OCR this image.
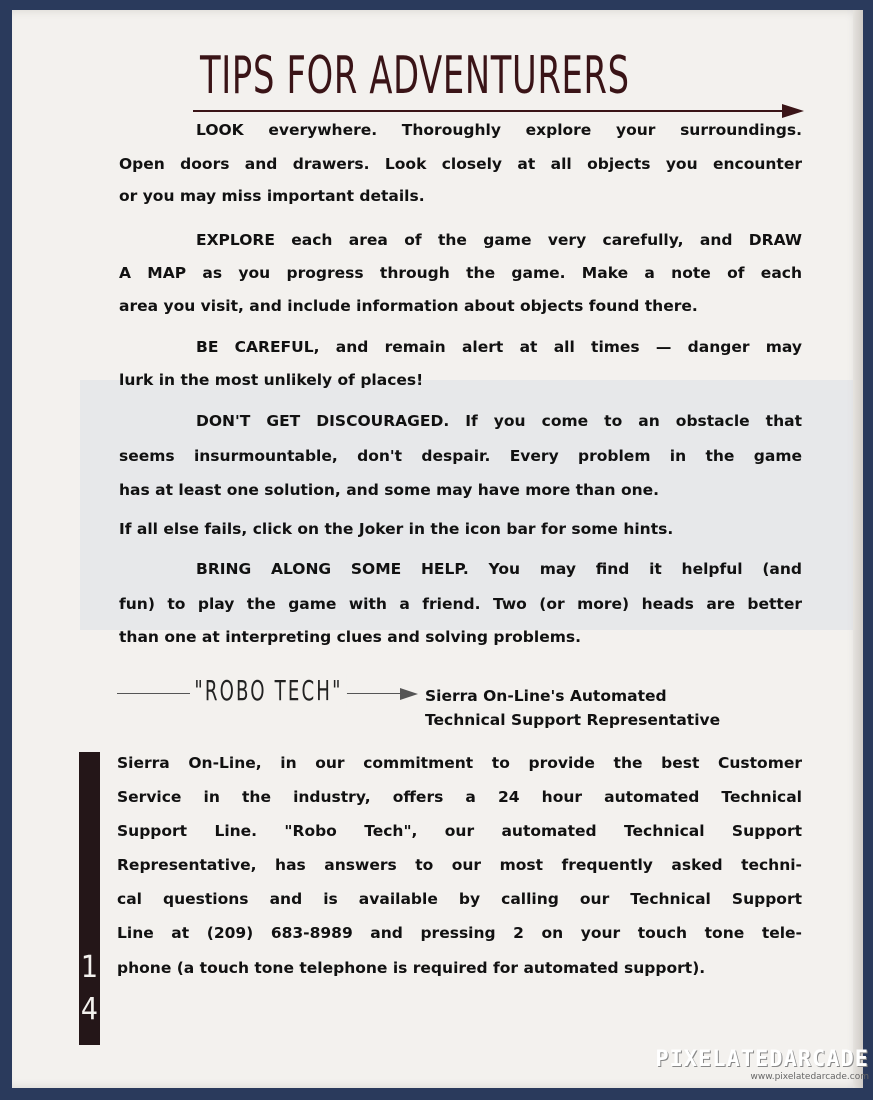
TIPS FOR ADVENTURERS
LOOK everywhere. Thoroughly explore your surroundings.
Open doors and drawers. Look closely at all objects you encounter
or you may miss important details.
EXPLORE each area of the game very carefully, and DRAW
A MAP as you progress through the game. Make a note of each
area you visit, and include information about objects found there.
BE CAREFUL, and remain alert at all times — danger may
lurk in the most unlikely of places!
DON'T GET DISCOURAGED. If you come to an obstacle that
seems insurmountable, don't despair. Every problem in the game
has at least one solution, and some may have more than one.
If all else fails, click on the Joker in the icon bar for some hints.
BRING ALONG SOME HELP. You may find it helpful (and
fun) to play the game with a friend. Two (or more) heads are better
than one at interpreting clues and solving problems.
"ROBO TECH"	Sierra On-Line's Automated
Technical Support Representative
1
4
Sierra On-Line, in our commitment to provide the best Customer
Service in the industry, offers a 24 hour automated Technical
Support Line. "Robo Tech", our automated Technical Support
Representative, has answers to our most frequently asked techni-
cal questions and is available by calling our Technical Support
Line at (209) 683-8989 and pressing 2 on your touch tone tele-
phone (a touch tone telephone is required for automated support).
PIXELATEDARCADE
www.pixelatedarcade.com
